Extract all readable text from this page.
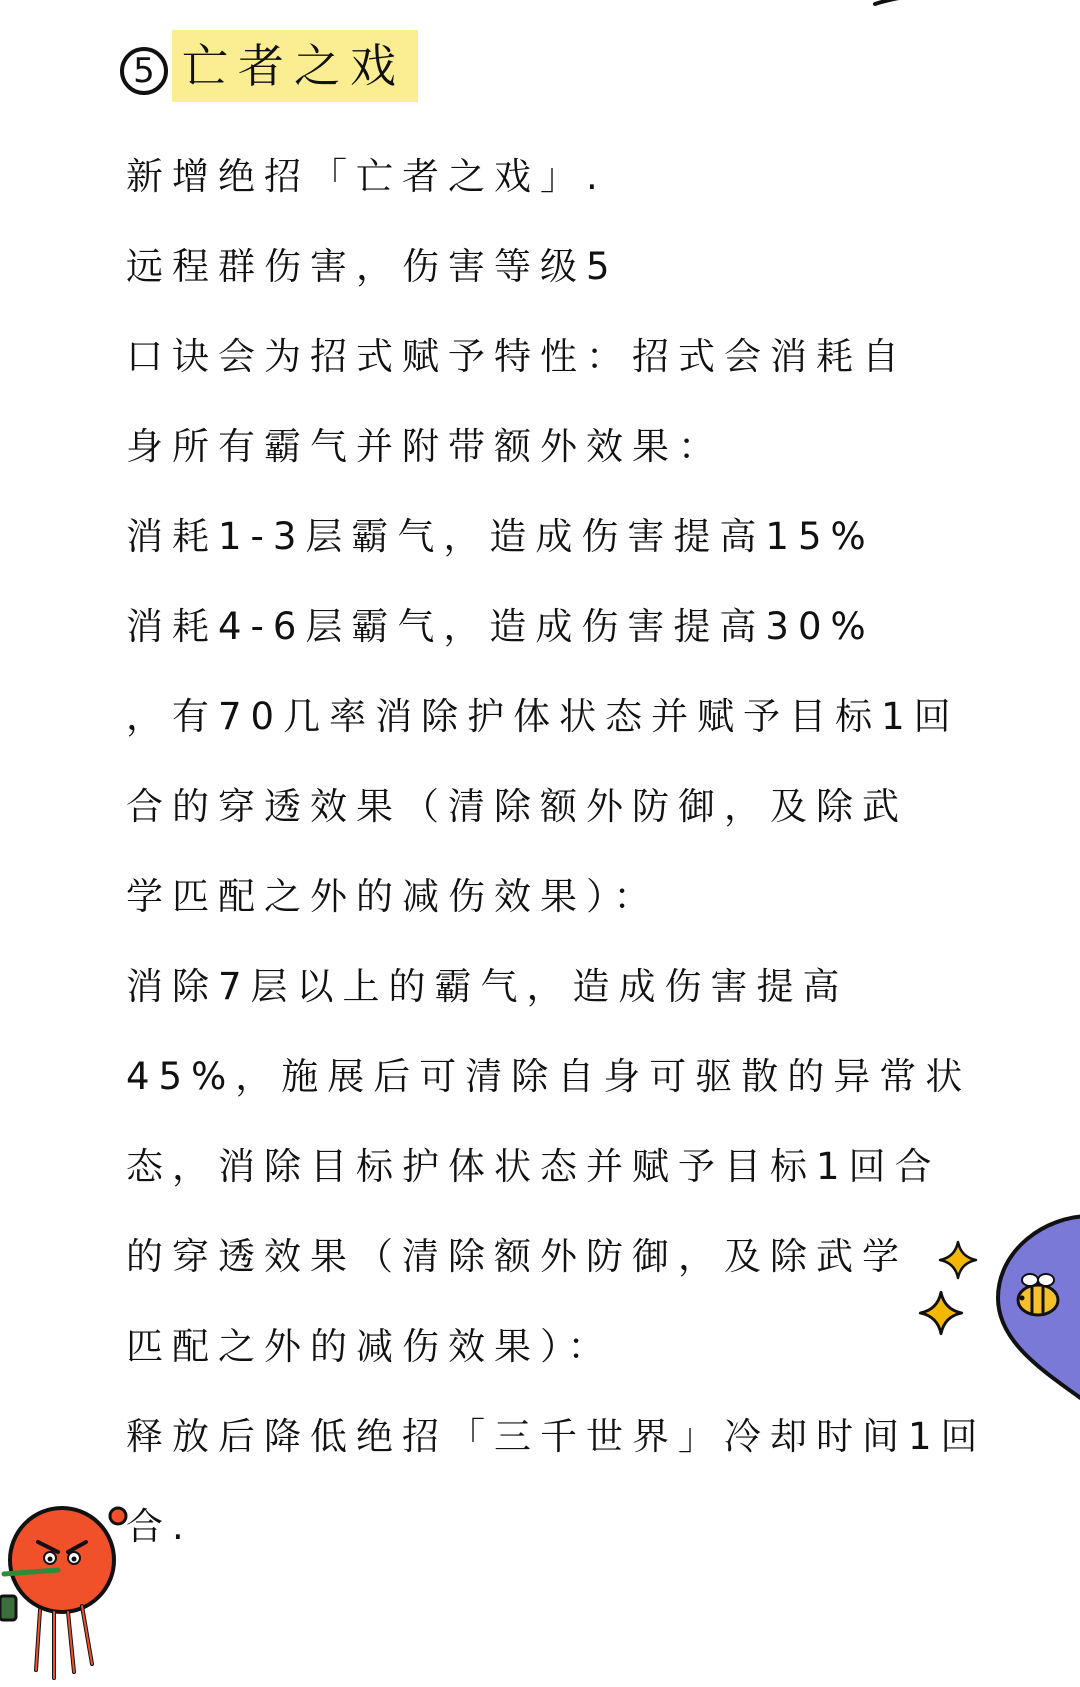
5 亡者之戏
新增绝招「亡者之戏」.
远程群伤害，伤害等级5
口诀会为招式赋予特性：招式会消耗自
身所有霸气并附带额外效果：
消耗1-3层霸气，造成伤害提高15%
消耗4-6层霸气，造成伤害提高30%
，有70几率消除护体状态并赋予目标1回
合的穿透效果（清除额外防御，及除武
学匹配之外的减伤效果）：
消除7层以上的霸气，造成伤害提高
45%，施展后可清除自身可驱散的异常状
态，消除目标护体状态并赋予目标1回合
的穿透效果（清除额外防御，及除武学
匹配之外的减伤效果）：
释放后降低绝招「三千世界」冷却时间1回
合.
